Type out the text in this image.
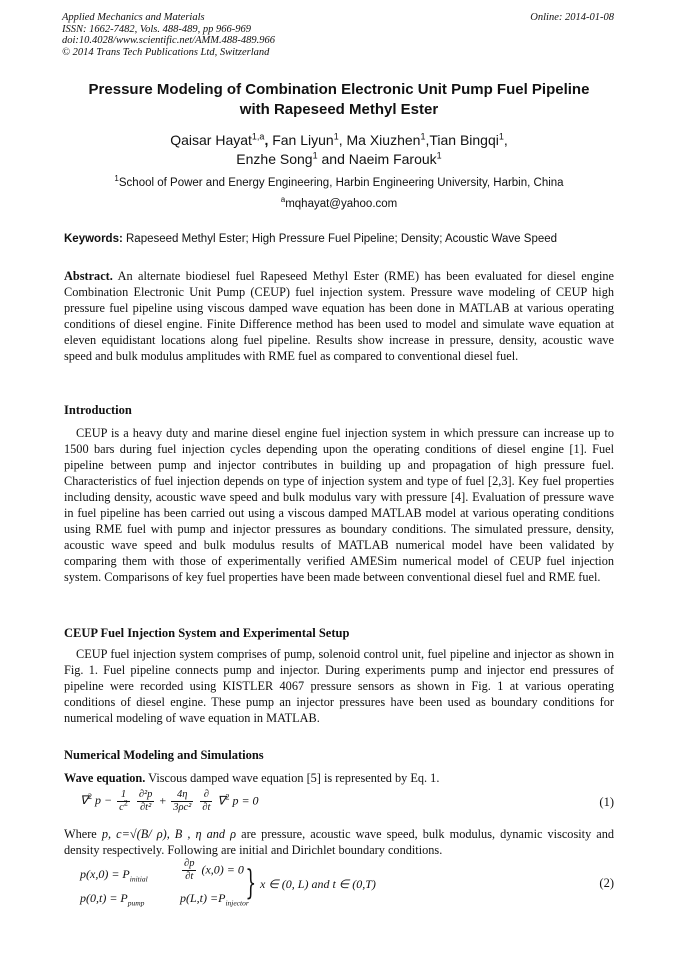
Applied Mechanics and Materials
ISSN: 1662-7482, Vols. 488-489, pp 966-969
doi:10.4028/www.scientific.net/AMM.488-489.966
© 2014 Trans Tech Publications Ltd, Switzerland
Online: 2014-01-08
Pressure Modeling of Combination Electronic Unit Pump Fuel Pipeline
with Rapeseed Methyl Ester
Qaisar Hayat$^{1,a}$, Fan Liyun$^1$, Ma Xiuzhen$^1$,Tian Bingqi$^1$,
Enzhe Song$^1$ and Naeim Farouk$^1$
$^1$School of Power and Energy Engineering, Harbin Engineering University, Harbin, China
$^a$mqhayat@yahoo.com
Keywords: Rapeseed Methyl Ester; High Pressure Fuel Pipeline; Density; Acoustic Wave Speed
Abstract. An alternate biodiesel fuel Rapeseed Methyl Ester (RME) has been evaluated for diesel engine Combination Electronic Unit Pump (CEUP) fuel injection system. Pressure wave modeling of CEUP high pressure fuel pipeline using viscous damped wave equation has been done in MATLAB at various operating conditions of diesel engine. Finite Difference method has been used to model and simulate wave equation at eleven equidistant locations along fuel pipeline. Results show increase in pressure, density, acoustic wave speed and bulk modulus amplitudes with RME fuel as compared to conventional diesel fuel.
Introduction
CEUP is a heavy duty and marine diesel engine fuel injection system in which pressure can increase up to 1500 bars during fuel injection cycles depending upon the operating conditions of diesel engine [1]. Fuel pipeline between pump and injector contributes in building up and propagation of high pressure fuel. Characteristics of fuel injection depends on type of injection system and type of fuel [2,3]. Key fuel properties including density, acoustic wave speed and bulk modulus vary with pressure [4]. Evaluation of pressure wave in fuel pipeline has been carried out using a viscous damped MATLAB model at various operating conditions using RME fuel with pump and injector pressures as boundary conditions. The simulated pressure, density, acoustic wave speed and bulk modulus results of MATLAB numerical model have been validated by comparing them with those of experimentally verified AMESim numerical model of CEUP fuel injection system. Comparisons of key fuel properties have been made between conventional diesel fuel and RME fuel.
CEUP Fuel Injection System and Experimental Setup
CEUP fuel injection system comprises of pump, solenoid control unit, fuel pipeline and injector as shown in Fig. 1. Fuel pipeline connects pump and injector. During experiments pump and injector end pressures of pipeline were recorded using KISTLER 4067 pressure sensors as shown in Fig. 1 at various operating conditions of diesel engine. These pump an injector pressures have been used as boundary conditions for numerical modeling of wave equation in MATLAB.
Numerical Modeling and Simulations
Wave equation. Viscous damped wave equation [5] is represented by Eq. 1.
∇$^2$ $p - \frac{1}{c^2}$
$\frac{\text{∂²p}}{\text{∂t²}} + \frac{4\eta}{\text{3ρc²}}$
$\frac{\partial}{\partial t} \nabla^2$ p = 0	(1)
Where p, c=√(B/ ρ), B , η and ρ are pressure, acoustic wave speed, bulk modulus, dynamic viscosity and density respectively. Following are initial and Dirichlet boundary conditions.
$p(x,0) = P_{initial}$	$\frac{\partial p}{\partial t} (x,0) = 0$
$p(0,t) = P_{pump}$	$p(L,t) =P_{injector}$
} x ∈ (0, L) and t ∈ (0,T)	(2)
